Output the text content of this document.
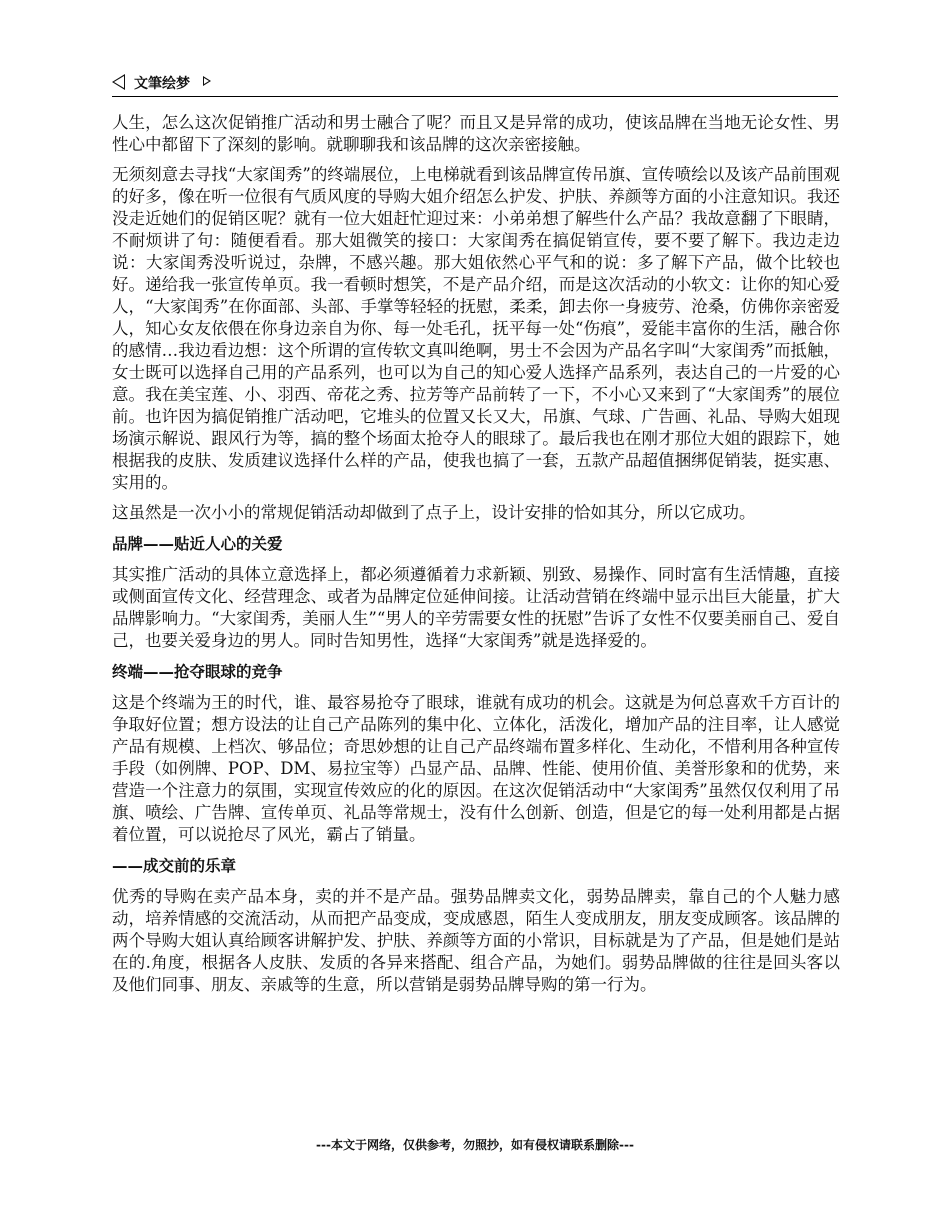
文筆绘梦

人生，怎么这次促销推广活动和男士融合了呢？而且又是异常的成功，使该品牌在当地无论女性、男性心中都留下了深刻的影响。就聊聊我和该品牌的这次亲密接触。

无须刻意去寻找“大家闺秀”的终端展位，上电梯就看到该品牌宣传吊旗、宣传喷绘以及该产品前围观的好多，像在听一位很有气质风度的导购大姐介绍怎么护发、护肤、养颜等方面的小注意知识。我还没走近她们的促销区呢？就有一位大姐赶忙迎过来：小弟弟想了解些什么产品？我故意翻了下眼睛，不耐烦讲了句：随便看看。那大姐微笑的接口：大家闺秀在搞促销宣传，要不要了解下。我边走边说：大家闺秀没听说过，杂牌，不感兴趣。那大姐依然心平气和的说：多了解下产品，做个比较也好。递给我一张宣传单页。我一看顿时想笑，不是产品介绍，而是这次活动的小软文：让你的知心爱人，“大家闺秀”在你面部、头部、手掌等轻轻的抚慰，柔柔，卸去你一身疲劳、沧桑，仿佛你亲密爱人，知心女友依偎在你身边亲自为你、每一处毛孔，抚平每一处“伤痕”，爱能丰富你的生活，融合你的感情…我边看边想：这个所谓的宣传软文真叫绝啊，男士不会因为产品名字叫“大家闺秀”而抵触，女士既可以选择自己用的产品系列，也可以为自己的知心爱人选择产品系列，表达自己的一片爱的心意。我在美宝莲、小、羽西、帝花之秀、拉芳等产品前转了一下，不小心又来到了“大家闺秀”的展位前。也许因为搞促销推广活动吧，它堆头的位置又长又大，吊旗、气球、广告画、礼品、导购大姐现场演示解说、跟风行为等，搞的整个场面太抢夺人的眼球了。最后我也在刚才那位大姐的跟踪下，她根据我的皮肤、发质建议选择什么样的产品，使我也搞了一套，五款产品超值捆绑促销装，挺实惠、实用的。

这虽然是一次小小的常规促销活动却做到了点子上，设计安排的恰如其分，所以它成功。

品牌——贴近人心的关爱

其实推广活动的具体立意选择上，都必须遵循着力求新颖、别致、易操作、同时富有生活情趣，直接或侧面宣传文化、经营理念、或者为品牌定位延伸间接。让活动营销在终端中显示出巨大能量，扩大品牌影响力。“大家闺秀，美丽人生”“男人的辛劳需要女性的抚慰”告诉了女性不仅要美丽自己、爱自己，也要关爱身边的男人。同时告知男性，选择“大家闺秀”就是选择爱的。

终端——抢夺眼球的竞争

这是个终端为王的时代，谁、最容易抢夺了眼球，谁就有成功的机会。这就是为何总喜欢千方百计的争取好位置；想方设法的让自己产品陈列的集中化、立体化，活泼化，增加产品的注目率，让人感觉产品有规模、上档次、够品位；奇思妙想的让自己产品终端布置多样化、生动化，不惜利用各种宣传手段（如例牌、POP、DM、易拉宝等）凸显产品、品牌、性能、使用价值、美誉形象和的优势，来营造一个注意力的氛围，实现宣传效应的化的原因。在这次促销活动中“大家闺秀”虽然仅仅利用了吊旗、喷绘、广告牌、宣传单页、礼品等常规士，没有什么创新、创造，但是它的每一处利用都是占据着位置，可以说抢尽了风光，霸占了销量。

——成交前的乐章

优秀的导购在卖产品本身，卖的并不是产品。强势品牌卖文化，弱势品牌卖，靠自己的个人魅力感动，培养情感的交流活动，从而把产品变成，变成感恩，陌生人变成朋友，朋友变成顾客。该品牌的两个导购大姐认真给顾客讲解护发、护肤、养颜等方面的小常识，目标就是为了产品，但是她们是站在的.角度，根据各人皮肤、发质的各异来搭配、组合产品，为她们。弱势品牌做的往往是回头客以及他们同事、朋友、亲戚等的生意，所以营销是弱势品牌导购的第一行为。

---本文于网络，仅供参考，勿照抄，如有侵权请联系删除---
